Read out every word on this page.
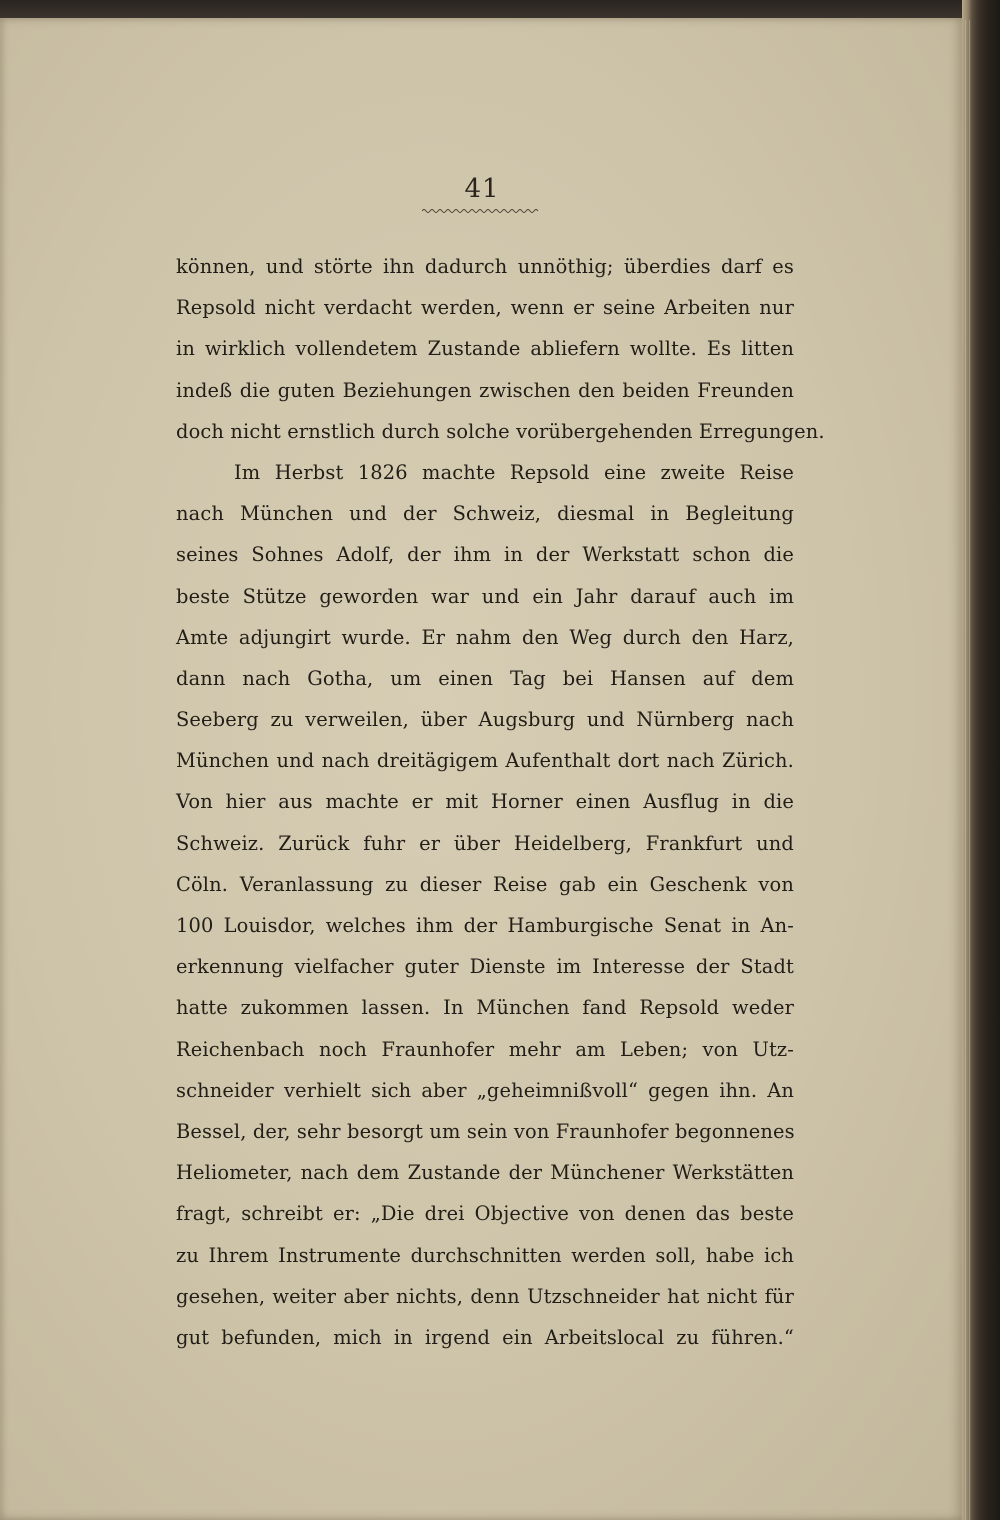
41
können, und störte ihn dadurch unnöthig; überdies darf es
Repsold nicht verdacht werden, wenn er seine Arbeiten nur
in wirklich vollendetem Zustande abliefern wollte. Es litten
indeß die guten Beziehungen zwischen den beiden Freunden
doch nicht ernstlich durch solche vorübergehenden Erregungen.
Im Herbst 1826 machte Repsold eine zweite Reise
nach München und der Schweiz, diesmal in Begleitung
seines Sohnes Adolf, der ihm in der Werkstatt schon die
beste Stütze geworden war und ein Jahr darauf auch im
Amte adjungirt wurde. Er nahm den Weg durch den Harz,
dann nach Gotha, um einen Tag bei Hansen auf dem
Seeberg zu verweilen, über Augsburg und Nürnberg nach
München und nach dreitägigem Aufenthalt dort nach Zürich.
Von hier aus machte er mit Horner einen Ausflug in die
Schweiz. Zurück fuhr er über Heidelberg, Frankfurt und
Cöln. Veranlassung zu dieser Reise gab ein Geschenk von
100 Louisdor, welches ihm der Hamburgische Senat in An-
erkennung vielfacher guter Dienste im Interesse der Stadt
hatte zukommen lassen. In München fand Repsold weder
Reichenbach noch Fraunhofer mehr am Leben; von Utz-
schneider verhielt sich aber „geheimnißvoll“ gegen ihn. An
Bessel, der, sehr besorgt um sein von Fraunhofer begonnenes
Heliometer, nach dem Zustande der Münchener Werkstätten
fragt, schreibt er: „Die drei Objective von denen das beste
zu Ihrem Instrumente durchschnitten werden soll, habe ich
gesehen, weiter aber nichts, denn Utzschneider hat nicht für
gut befunden, mich in irgend ein Arbeitslocal zu führen.“
